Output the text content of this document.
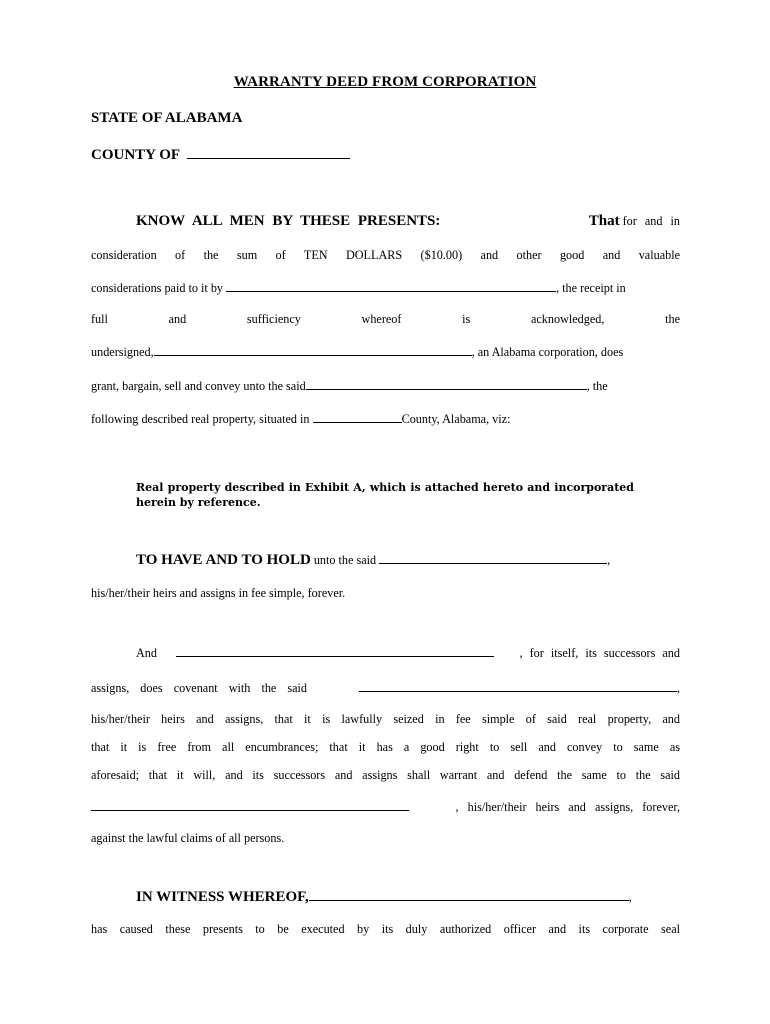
WARRANTY DEED FROM CORPORATION
STATE OF ALABAMA
COUNTY OF
KNOW ALL MEN BY THESE PRESENTS:	That for and in
consideration of the sum of TEN DOLLARS ($10.00) and other good and valuable
considerations paid to it by	, the receipt in
full	and	sufficiency	whereof	is	acknowledged,	the
undersigned,	, an Alabama corporation, does
grant, bargain, sell and convey unto the said	, the
following described real property, situated in	County, Alabama, viz:
Real property described in Exhibit A, which is attached hereto and incorporated herein by reference.
TO HAVE AND TO HOLD unto the said	,
his/her/their heirs and assigns in fee simple, forever.
And	, for itself, its successors and
assigns, does covenant with the said	,
his/her/their heirs and assigns, that it is lawfully seized in fee simple of said real property, and
that it is free from all encumbrances; that it has a good right to sell and convey to same as
aforesaid; that it will, and its successors and assigns shall warrant and defend the same to the said
, his/her/their heirs and assigns, forever,
against the lawful claims of all persons.
IN WITNESS WHEREOF,	,
has caused these presents to be executed by its duly authorized officer and its corporate seal
